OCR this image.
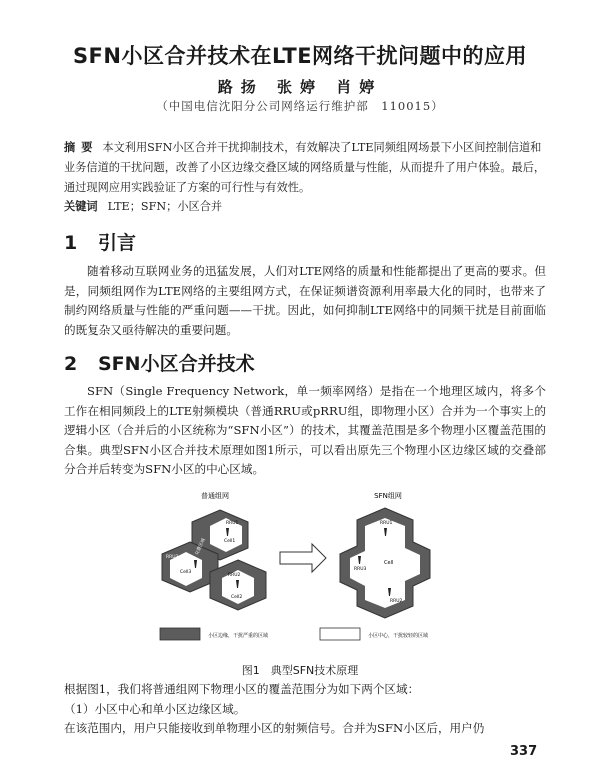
SFN小区合并技术在LTE网络干扰问题中的应用
路扬 张婷 肖婷
（中国电信沈阳分公司网络运行维护部　110015）
摘要 本文利用SFN小区合并干扰抑制技术，有效解决了LTE同频组网场景下小区间控制信道和业务信道的干扰问题，改善了小区边缘交叠区域的网络质量与性能，从而提升了用户体验。最后，通过现网应用实践验证了方案的可行性与有效性。
关键词 LTE；SFN；小区合并
1 引言

随着移动互联网业务的迅猛发展，人们对LTE网络的质量和性能都提出了更高的要求。但是，同频组网作为LTE网络的主要组网方式，在保证频谱资源利用率最大化的同时，也带来了制约网络质量与性能的严重问题——干扰。因此，如何抑制LTE网络中的同频干扰是目前面临的既复杂又亟待解决的重要问题。

2 SFN小区合并技术

SFN（Single Frequency Network，单一频率网络）是指在一个地理区域内，将多个工作在相同频段上的LTE射频模块（普通RRU或pRRU组，即物理小区）合并为一个事实上的逻辑小区（合并后的小区统称为“SFN小区”）的技术，其覆盖范围是多个物理小区覆盖范围的合集。典型SFN小区合并技术原理如图1所示，可以看出原先三个物理小区边缘区域的交叠部分合并后转变为SFN小区的中心区域。

普通组网	SFN组网
RRU1
Cell1
RRU3
Cell3
RRU2
Cell2
交叠区域
RRU1
RRU3
RRU2
Cell
小区边缘，干扰严重的区域	小区中心，干扰较轻的区域
图1　典型SFN技术原理

根据图1，我们将普通组网下物理小区的覆盖范围分为如下两个区域：

（1）小区中心和单小区边缘区域。

在该范围内，用户只能接收到单物理小区的射频信号。合并为SFN小区后，用户仍

337
